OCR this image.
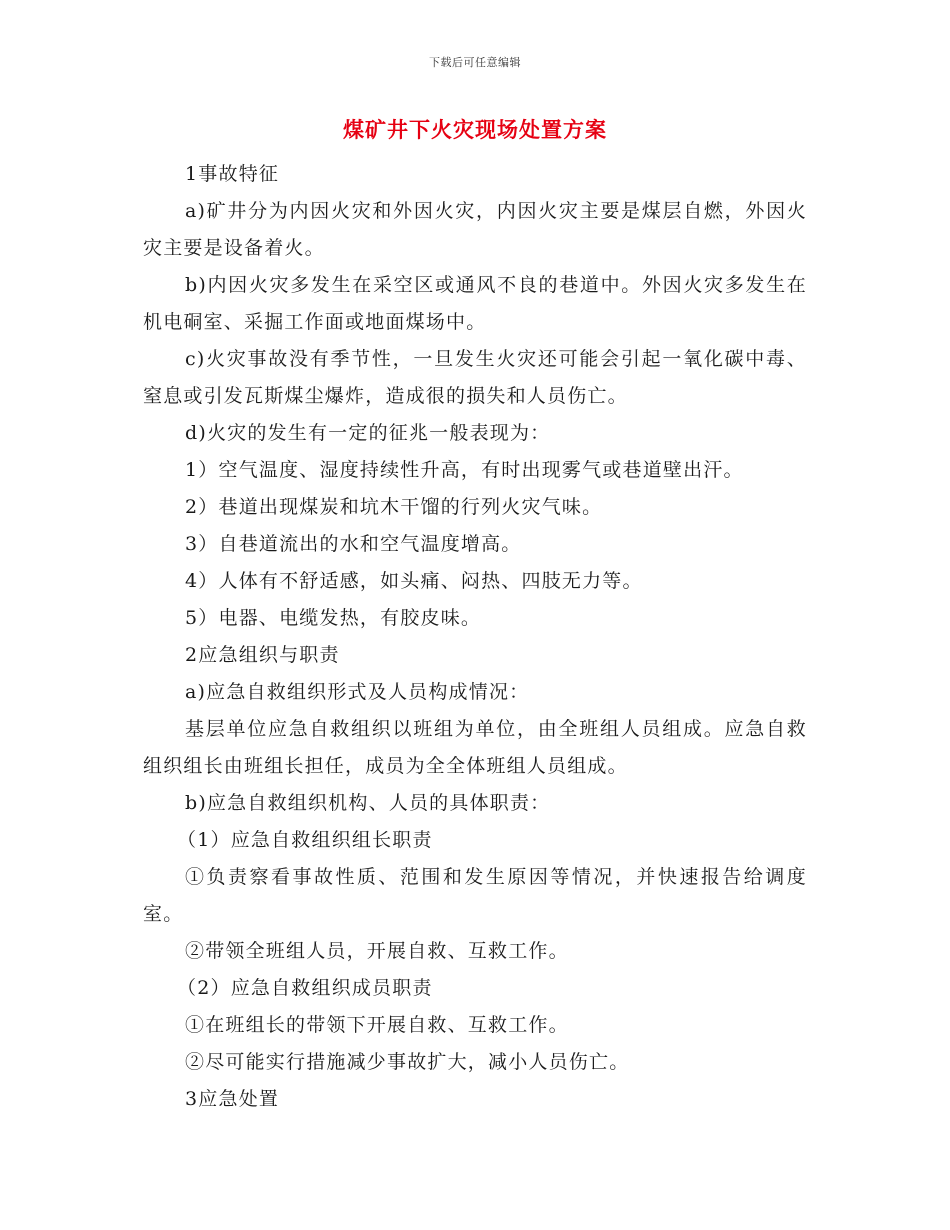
下载后可任意编辑
煤矿井下火灾现场处置方案

1事故特征

a)矿井分为内因火灾和外因火灾，内因火灾主要是煤层自燃，外因火灾主要是设备着火。

b)内因火灾多发生在采空区或通风不良的巷道中。外因火灾多发生在机电硐室、采掘工作面或地面煤场中。

c)火灾事故没有季节性，一旦发生火灾还可能会引起一氧化碳中毒、窒息或引发瓦斯煤尘爆炸，造成很的损失和人员伤亡。

d)火灾的发生有一定的征兆一般表现为：

1）空气温度、湿度持续性升高，有时出现雾气或巷道壁出汗。

2）巷道出现煤炭和坑木干馏的行列火灾气味。

3）自巷道流出的水和空气温度增高。

4）人体有不舒适感，如头痛、闷热、四肢无力等。

5）电器、电缆发热，有胶皮味。

2应急组织与职责

a)应急自救组织形式及人员构成情况：

基层单位应急自救组织以班组为单位，由全班组人员组成。应急自救组织组长由班组长担任，成员为全全体班组人员组成。

b)应急自救组织机构、人员的具体职责：

（1）应急自救组织组长职责

①负责察看事故性质、范围和发生原因等情况，并快速报告给调度室。

②带领全班组人员，开展自救、互救工作。

（2）应急自救组织成员职责

①在班组长的带领下开展自救、互救工作。

②尽可能实行措施减少事故扩大，减小人员伤亡。

3应急处置
